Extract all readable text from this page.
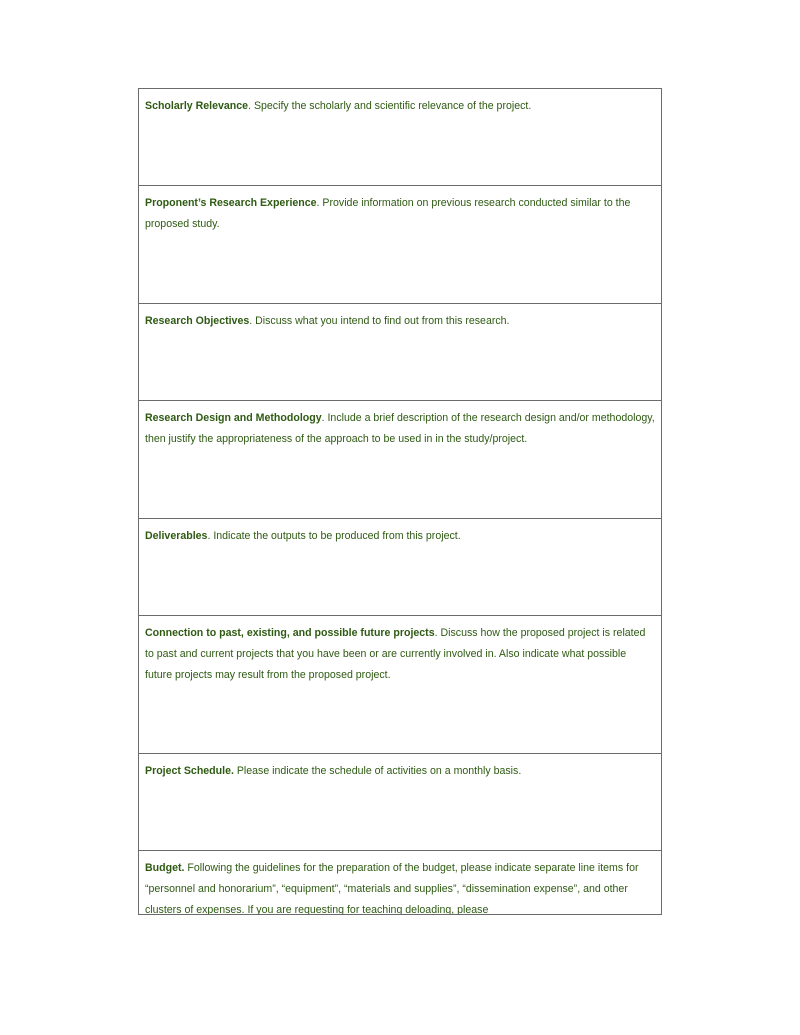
Scholarly Relevance. Specify the scholarly and scientific relevance of the project.
Proponent’s Research Experience. Provide information on previous research conducted similar to the proposed study.
Research Objectives. Discuss what you intend to find out from this research.
Research Design and Methodology. Include a brief description of the research design and/or methodology, then justify the appropriateness of the approach to be used in in the study/project.
Deliverables. Indicate the outputs to be produced from this project.
Connection to past, existing, and possible future projects. Discuss how the proposed project is related to past and current projects that you have been or are currently involved in. Also indicate what possible future projects may result from the proposed project.
Project Schedule. Please indicate the schedule of activities on a monthly basis.
Budget. Following the guidelines for the preparation of the budget, please indicate separate line items for “personnel and honorarium”, “equipment”, “materials and supplies”, “dissemination expense”, and other clusters of expenses. If you are requesting for teaching deloading, please
